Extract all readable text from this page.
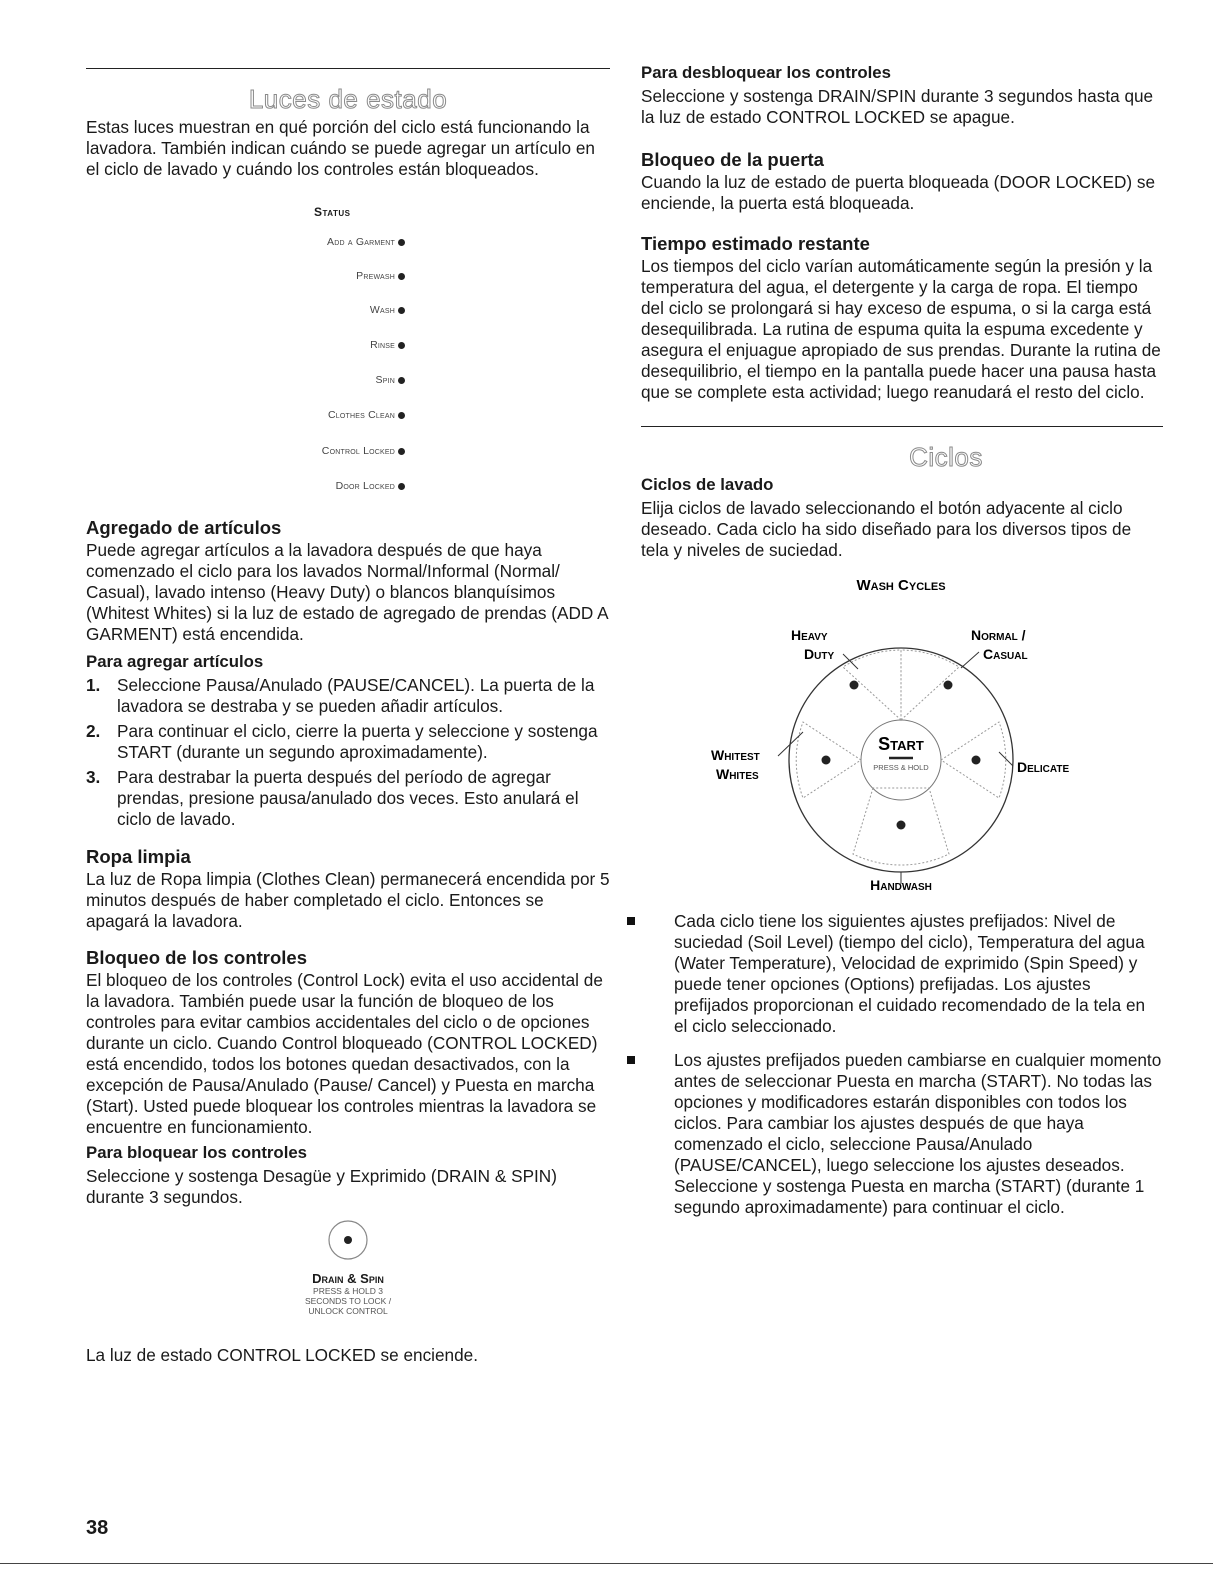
Luces de estado

Estas luces muestran en qué porción del ciclo está funcionando la lavadora. También indican cuándo se puede agregar un artículo en el ciclo de lavado y cuándo los controles están bloqueados.

Status
Add a Garment
Prewash
Wash
Rinse
Spin
Clothes Clean
Control Locked
Door Locked
Agregado de artículos

Puede agregar artículos a la lavadora después de que haya comenzado el ciclo para los lavados Normal/Informal (Normal/ Casual), lavado intenso (Heavy Duty) o blancos blanquísimos (Whitest Whites) si la luz de estado de agregado de prendas (ADD A GARMENT) está encendida.

Para agregar artículos
1. Seleccione Pausa/Anulado (PAUSE/CANCEL). La puerta de la lavadora se destraba y se pueden añadir artículos.
2. Para continuar el ciclo, cierre la puerta y seleccione y sostenga START (durante un segundo aproximadamente).
3. Para destrabar la puerta después del período de agregar prendas, presione pausa/anulado dos veces. Esto anulará el ciclo de lavado.
Ropa limpia

La luz de Ropa limpia (Clothes Clean) permanecerá encendida por 5 minutos después de haber completado el ciclo. Entonces se apagará la lavadora.

Bloqueo de los controles

El bloqueo de los controles (Control Lock) evita el uso accidental de la lavadora. También puede usar la función de bloqueo de los controles para evitar cambios accidentales del ciclo o de opciones durante un ciclo. Cuando Control bloqueado (CONTROL LOCKED) está encendido, todos los botones quedan desactivados, con la excepción de Pausa/Anulado (Pause/ Cancel) y Puesta en marcha (Start). Usted puede bloquear los controles mientras la lavadora se encuentre en funcionamiento.

Para bloquear los controles

Seleccione y sostenga Desagüe y Exprimido (DRAIN & SPIN) durante 3 segundos.

Drain & Spin
PRESS & HOLD 3
SECONDS TO LOCK /
UNLOCK CONTROL

La luz de estado CONTROL LOCKED se enciende.

Para desbloquear los controles

Seleccione y sostenga DRAIN/SPIN durante 3 segundos hasta que la luz de estado CONTROL LOCKED se apague.

Bloqueo de la puerta

Cuando la luz de estado de puerta bloqueada (DOOR LOCKED) se enciende, la puerta está bloqueada.

Tiempo estimado restante

Los tiempos del ciclo varían automáticamente según la presión y la temperatura del agua, el detergente y la carga de ropa. El tiempo del ciclo se prolongará si hay exceso de espuma, o si la carga está desequilibrada. La rutina de espuma quita la espuma excedente y asegura el enjuague apropiado de sus prendas. Durante la rutina de desequilibrio, el tiempo en la pantalla puede hacer una pausa hasta que se complete esta actividad; luego reanudará el resto del ciclo.

Ciclos
Ciclos de lavado

Elija ciclos de lavado seleccionando el botón adyacente al ciclo deseado. Cada ciclo ha sido diseñado para los diversos tipos de tela y niveles de suciedad.

Wash Cycles
Start
PRESS & HOLD
Heavy
Duty
Normal /
Casual
Whitest
Whites	Delicate
Handwash
Cada ciclo tiene los siguientes ajustes prefijados: Nivel de suciedad (Soil Level) (tiempo del ciclo), Temperatura del agua (Water Temperature), Velocidad de exprimido (Spin Speed) y puede tener opciones (Options) prefijadas. Los ajustes prefijados proporcionan el cuidado recomendado de la tela en el ciclo seleccionado.
Los ajustes prefijados pueden cambiarse en cualquier momento antes de seleccionar Puesta en marcha (START). No todas las opciones y modificadores estarán disponibles con todos los ciclos. Para cambiar los ajustes después de que haya comenzado el ciclo, seleccione Pausa/Anulado (PAUSE/CANCEL), luego seleccione los ajustes deseados. Seleccione y sostenga Puesta en marcha (START) (durante 1 segundo aproximadamente) para continuar el ciclo.
38
